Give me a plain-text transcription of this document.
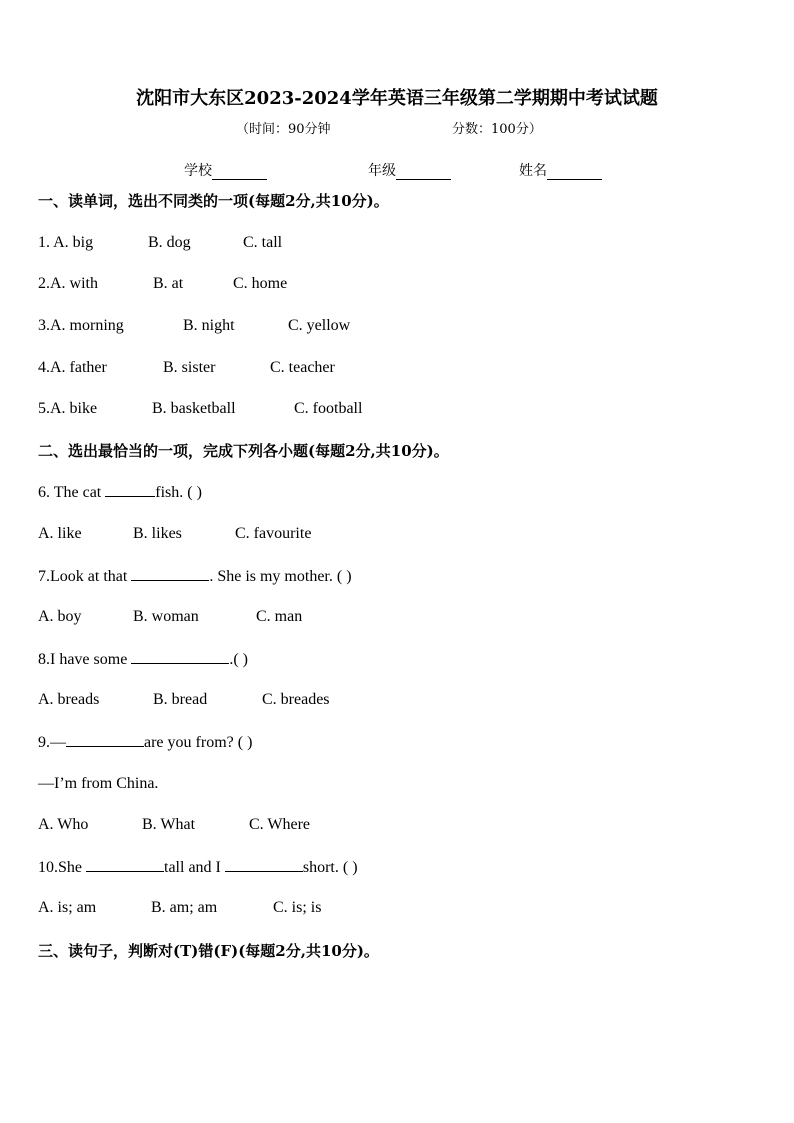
沈阳市大东区2023-2024学年英语三年级第二学期期中考试试题
（时间：90分钟	分数：100分）
学校	年级	姓名
一、读单词，选出不同类的一项(每题2分,共10分)。
1. A. big	B. dog	C. tall
2.A. with	B. at	C. home
3.A. morning	B. night	C. yellow
4.A. father	B. sister	C. teacher
5.A. bike	B. basketball	C. football
二、选出最恰当的一项，完成下列各小题(每题2分,共10分)。
6. The cat	fish. ( )
A. like	B. likes	C. favourite
7.Look at that	. She is my mother. ( )
A. boy	B. woman	C. man
8.I have some	.( )
A. breads	B. bread	C. breades
9.—	are you from? ( )
—I’m from China.
A. Who	B. What	C. Where
10.She	tall and I	short. ( )
A. is; am	B. am; am	C. is; is
三、读句子，判断对(T)错(F)(每题2分,共10分)。
